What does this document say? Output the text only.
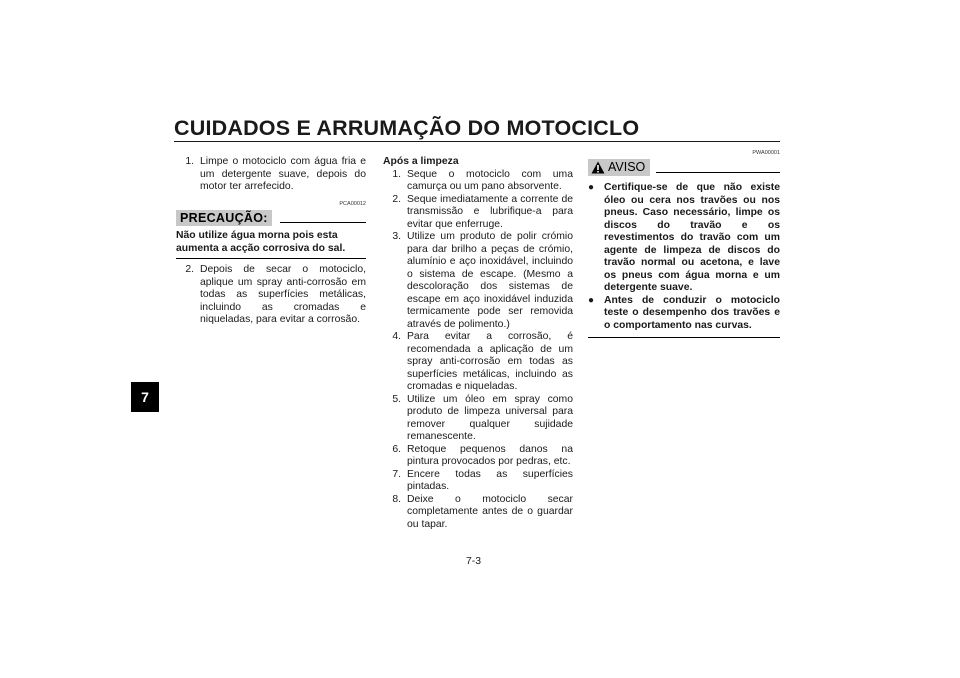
CUIDADOS E ARRUMAÇÃO DO MOTOCICLO
7
1. Limpe o motociclo com água fria e um detergente suave, depois do motor ter arrefecido.
PCA00012
PRECAUÇÃO:
Não utilize água morna pois esta aumenta a acção corrosiva do sal.
2. Depois de secar o motociclo, aplique um spray anti-corrosão em todas as superfícies metálicas, incluindo as cromadas e niqueladas, para evitar a corrosão.
Após a limpeza
1. Seque o motociclo com uma camurça ou um pano absorvente.
2. Seque imediatamente a corrente de transmissão e lubrifique-a para evitar que enferruge.
3. Utilize um produto de polir crómio para dar brilho a peças de crómio, alumínio e aço inoxidável, incluindo o sistema de escape. (Mesmo a descoloração dos sistemas de escape em aço inoxidável induzida termicamente pode ser removida através de polimento.)
4. Para evitar a corrosão, é recomendada a aplicação de um spray anti-corrosão em todas as superfícies metálicas, incluindo as cromadas e niqueladas.
5. Utilize um óleo em spray como produto de limpeza universal para remover qualquer sujidade remanescente.
6. Retoque pequenos danos na pintura provocados por pedras, etc.
7. Encere todas as superfícies pintadas.
8. Deixe o motociclo secar completamente antes de o guardar ou tapar.
PWA00001
AVISO
● Certifique-se de que não existe óleo ou cera nos travões ou nos pneus. Caso necessário, limpe os discos do travão e os revestimentos do travão com um agente de limpeza de discos do travão normal ou acetona, e lave os pneus com água morna e um detergente suave.
● Antes de conduzir o motociclo teste o desempenho dos travões e o comportamento nas curvas.
7-3
